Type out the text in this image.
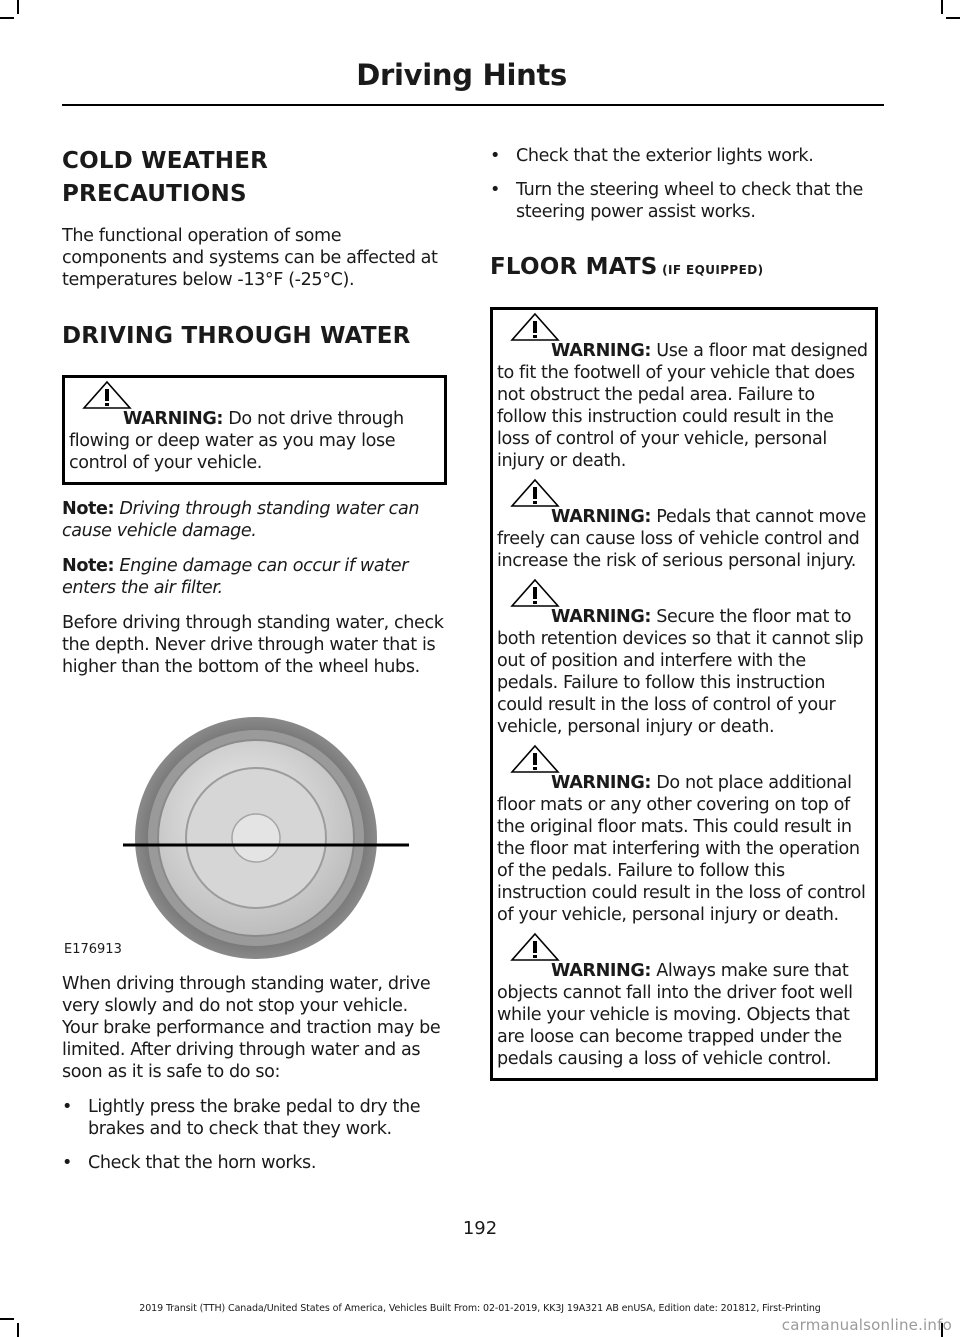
Driving Hints
COLD WEATHER
PRECAUTIONS

The functional operation of some components and systems can be affected at temperatures below -13°F (-25°C).

DRIVING THROUGH WATER
WARNING: Do not drive through flowing or deep water as you may lose control of your vehicle.

Note: Driving through standing water can cause vehicle damage.

Note: Engine damage can occur if water enters the air filter.

Before driving through standing water, check the depth. Never drive through water that is higher than the bottom of the wheel hubs.

E176913

When driving through standing water, drive very slowly and do not stop your vehicle. Your brake performance and traction may be limited. After driving through water and as soon as it is safe to do so:

• Lightly press the brake pedal to dry the brakes and to check that they work.
• Check that the horn works.
• Check that the exterior lights work.
• Turn the steering wheel to check that the steering power assist works.
FLOOR MATS (IF EQUIPPED)
WARNING: Use a floor mat designed to fit the footwell of your vehicle that does not obstruct the pedal area. Failure to follow this instruction could result in the loss of control of your vehicle, personal injury or death.
WARNING: Pedals that cannot move freely can cause loss of vehicle control and increase the risk of serious personal injury.
WARNING: Secure the floor mat to both retention devices so that it cannot slip out of position and interfere with the pedals. Failure to follow this instruction could result in the loss of control of your vehicle, personal injury or death.
WARNING: Do not place additional floor mats or any other covering on top of the original floor mats. This could result in the floor mat interfering with the operation of the pedals. Failure to follow this instruction could result in the loss of control of your vehicle, personal injury or death.
WARNING: Always make sure that objects cannot fall into the driver foot well while your vehicle is moving. Objects that are loose can become trapped under the pedals causing a loss of vehicle control.
192
2019 Transit (TTH) Canada/United States of America, Vehicles Built From: 02-01-2019, KK3J 19A321 AB enUSA, Edition date: 201812, First-Printing
carmanualsonline.info
